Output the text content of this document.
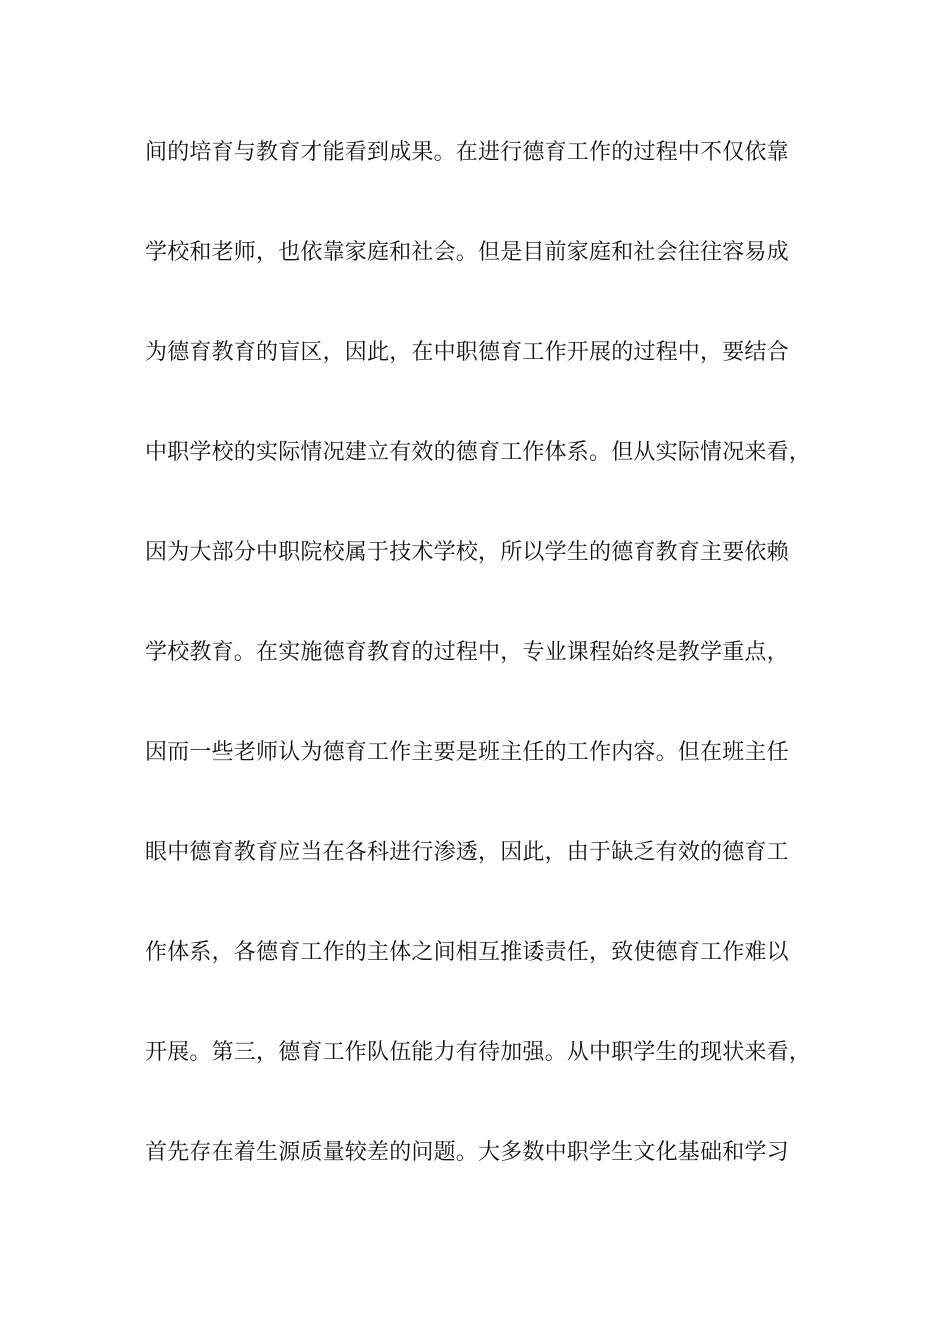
间的培育与教育才能看到成果。在进行德育工作的过程中不仅依靠
学校和老师，也依靠家庭和社会。但是目前家庭和社会往往容易成
为德育教育的盲区，因此，在中职德育工作开展的过程中，要结合
中职学校的实际情况建立有效的德育工作体系。但从实际情况来看，
因为大部分中职院校属于技术学校，所以学生的德育教育主要依赖
学校教育。在实施德育教育的过程中，专业课程始终是教学重点，
因而一些老师认为德育工作主要是班主任的工作内容。但在班主任
眼中德育教育应当在各科进行渗透，因此，由于缺乏有效的德育工
作体系，各德育工作的主体之间相互推诿责任，致使德育工作难以
开展。第三，德育工作队伍能力有待加强。从中职学生的现状来看，
首先存在着生源质量较差的问题。大多数中职学生文化基础和学习
